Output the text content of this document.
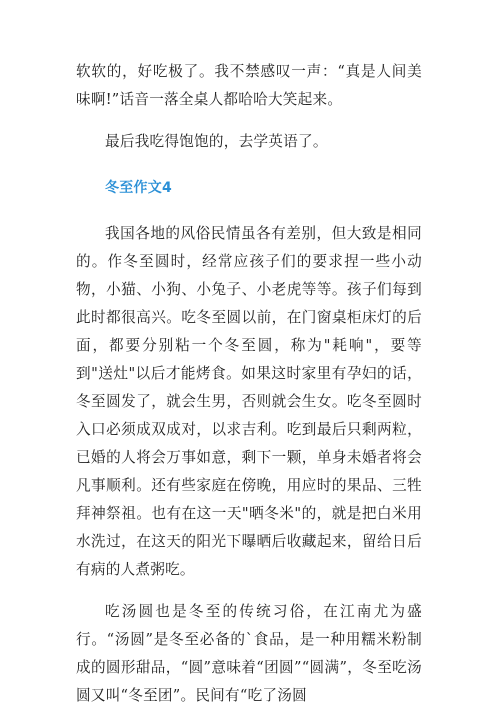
软软的，好吃极了。我不禁感叹一声：“真是人间美味啊!”话音一落全桌人都哈哈大笑起来。

最后我吃得饱饱的，去学英语了。

冬至作文4

我国各地的风俗民情虽各有差别，但大致是相同的。作冬至圆时，经常应孩子们的要求捏一些小动物，小猫、小狗、小兔子、小老虎等等。孩子们每到此时都很高兴。吃冬至圆以前，在门窗桌柜床灯的后面，都要分别粘一个冬至圆，称为"耗响"，要等到"送灶"以后才能烤食。如果这时家里有孕妇的话，冬至圆发了，就会生男，否则就会生女。吃冬至圆时入口必须成双成对，以求吉利。吃到最后只剩两粒，已婚的人将会万事如意，剩下一颗，单身未婚者将会凡事顺利。还有些家庭在傍晚，用应时的果品、三牲拜神祭祖。也有在这一天"晒冬米"的，就是把白米用水洗过，在这天的阳光下曝晒后收藏起来，留给日后有病的人煮粥吃。

吃汤圆也是冬至的传统习俗，在江南尤为盛行。“汤圆”是冬至必备的`食品，是一种用糯米粉制成的圆形甜品，“圆”意味着“团圆”“圆满”，冬至吃汤圆又叫“冬至团”。民间有“吃了汤圆
